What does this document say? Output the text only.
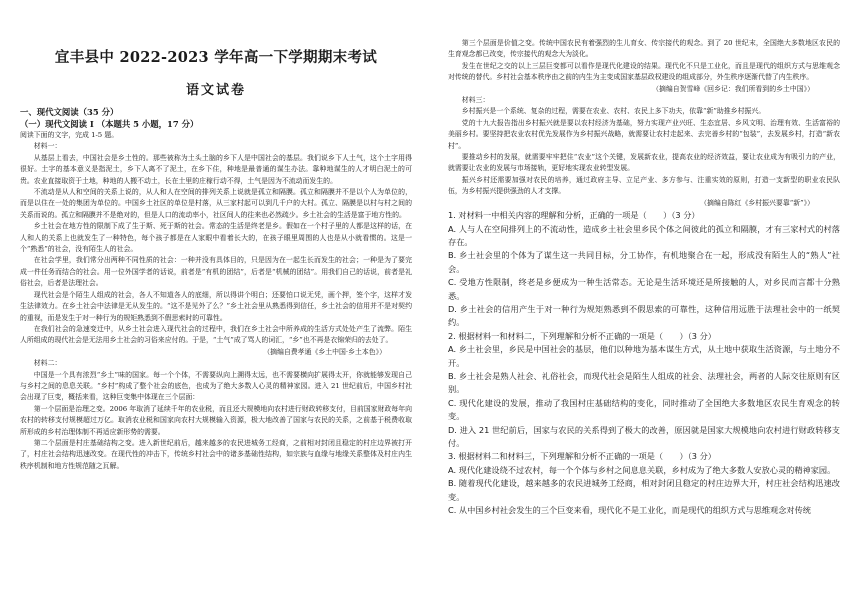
宜丰县中 2022-2023 学年高一下学期期末考试
语文试卷
一、现代文阅读（35 分）
（一）现代文阅读 I （本题共 5 小题，17 分）

阅读下面的文字，完成 1-5 题。

材料一：

从基层上看去，中国社会是乡土性的。那些被称为土头土脑的乡下人是中国社会的基层。我们说乡下人土气，这个土字用得很好。土字的基本意义是指泥土，乡下人离不了泥土，在乡下住，种地是最普通的谋生办法。靠种地谋生的人才明白泥土的可贵。农业直接取资于土地，种地的人搬不动土，长在土里的庄稼行动不得，土气是因为不流动而发生的。

不流动是从人和空间的关系上说的，从人和人在空间的排列关系上说就是孤立和隔膜。孤立和隔膜并不是以个人为单位的，而是以住在一处的集团为单位的。中国乡土社区的单位是村落，从三家村起可以到几千户的大村。孤立、隔膜是以村与村之间的关系而说的。孤立和隔膜并不是绝对的，但是人口的流动率小，社区间人的往来也必然疏少。乡土社会的生活是富于地方性的。

乡土社会在地方性的限制下成了生于斯、死于斯的社会。常态的生活是终老是乡。假如在一个村子里的人都是这样的话，在人和人的关系上也就发生了一种特色，每个孩子都是在人家眼中看着长大的，在孩子眼里周围的人也是从小就看惯的。这是一个“熟悉”的社会，没有陌生人的社会。

在社会学里，我们常分出两种不同性质的社会：一种并没有具体目的，只是因为在一起生长而发生的社会；一种是为了要完成一件任务而结合的社会。用一位外国学者的话说，前者是“有机的团结”，后者是“机械的团结”。用我们自己的话说，前者是礼俗社会，后者是法理社会。

现代社会是个陌生人组成的社会，各人不知道各人的底细，所以得讲个明白；还要怕口说无凭，画个押，签个字，这样才发生法律效力。在乡土社会中法律是无从发生的。“这不是见外了么？”乡土社会里从熟悉得到信任，乡土社会的信用并不是对契约的重视，而是发生于对一种行为的规矩熟悉到不假思索时的可靠性。

在我们社会的急速变迁中，从乡土社会进入现代社会的过程中，我们在乡土社会中所养成的生活方式处处产生了流弊。陌生人所组成的现代社会是无法用乡土社会的习俗来应付的。于是，“土气”成了骂人的词汇，“乡”也不再是衣锦荣归的去处了。

（摘编自费孝通《乡土中国·乡土本色》）

材料二：

中国是一个具有浓烈“乡土”味的国家。每一个个体，不需要纵向上溯得太远，也不需要横向扩展得太开，你就能够发现自己与乡村之间的息息关联。“乡村”构成了整个社会的底色，也成为了绝大多数人心灵的精神家园。进入 21 世纪前后，中国乡村社会出现了巨变，概括来看，这种巨变集中体现在三个层面：

第一个层面是治理之变。2006 年取消了延续千年的农业税，而且还大规模地向农村进行财政转移支付，目前国家财政每年向农村的转移支付规模超过万亿。取消农业税和国家向农村大规模输入资源，极大地改善了国家与农民的关系，之前基于税费收取所形成的乡村治理体制不再适应新形势的需要。

第二个层面是村庄基础结构之变。进入新世纪前后，越来越多的农民进城务工经商，之前相对封闭且稳定的村庄边界被打开了，村庄社会结构迅速改变。在现代性的冲击下，传统乡村社会中的诸多基础性结构，如宗族与血缘与地缘关系整体及村庄内生秩序机制和地方性规范随之瓦解。

第三个层面是价值之变。传统中国农民有着强烈的生儿育女、传宗接代的观念。到了 20 世纪末，全国绝大多数地区农民的生育观念都已改变，传宗接代的观念大为淡化。

发生在世纪之交的以上三层巨变都可以看作是现代化建设的结果。现代化不只是工业化，而且是现代的组织方式与思维观念对传统的替代。乡村社会基本秩序由之前的内生为主变成国家基层政权建设的组成部分，外生秩序逐渐代替了内生秩序。

（摘编自贺雪峰《回乡记：我们所看到的乡土中国》）

材料三：

乡村振兴是一个系统、复杂的过程，需要在农业、农村、农民上多下功夫，依靠“新”助推乡村振兴。

党的十九大报告指出乡村振兴就是要以农村经济为基础，努力实现产业兴旺、生态宜居、乡风文明、治理有效、生活富裕的美丽乡村。要坚持把农业农村优先发展作为乡村振兴战略，就需要让农村走起来、去完善乡村的“包装”，去发展乡村，打造“新农村”。

要推动乡村的发展，就需要牢牢把住“农业”这个关键，发展新农业，提高农业的经济效益，要让农业成为有吸引力的产业，就需要让农业的发展与市场接轨，更好地实现农业转型发展。

振兴乡村还需要加强对农民的培养，通过政府主导、立足产业、多方参与、注重实效的原则，打造一支新型的职业农民队伍，为乡村振兴提供强劲的人才支撑。

（摘编自陈红《乡村振兴要靠“新”》）

1. 对材料一中相关内容的理解和分析，正确的一项是（　　）（3 分）

A. 人与人在空间排列上的不流动性，造成乡土社会里乡民个体之间彼此的孤立和隔膜，才有三家村式的村落存在。

B. 乡土社会里的个体为了谋生这一共同目标，分工协作，有机地聚合在一起，形成没有陌生人的“熟人”社会。

C. 受地方性限制，终老是乡便成为一种生活常态。无论是生活环境还是所接触的人，对乡民而言都十分熟悉。

D. 乡土社会的信用产生于对一种行为规矩熟悉到不假思索的可靠性，这种信用远胜于法理社会中的一纸契约。

2. 根据材料一和材料二，下列理解和分析不正确的一项是（　　）（3 分）

A. 乡土社会里，乡民是中国社会的基层，他们以种地为基本谋生方式，从土地中获取生活资源，与土地分不开。

B. 乡土社会是熟人社会、礼俗社会，而现代社会是陌生人组成的社会、法理社会，两者的人际交往原则有区别。

C. 现代化建设的发展，推动了我国村庄基础结构的变化，同时推动了全国绝大多数地区农民生育观念的转变。

D. 进入 21 世纪前后，国家与农民的关系得到了极大的改善，原因就是国家大规模地向农村进行财政转移支付。

3. 根据材料二和材料三，下列理解和分析不正确的一项是（　　）（3 分）

A. 现代化建设绕不过农村，每一个个体与乡村之间息息关联，乡村成为了绝大多数人安放心灵的精神家园。

B. 随着现代化建设，越来越多的农民进城务工经商，相对封闭且稳定的村庄边界大开，村庄社会结构迅速改变。

C. 从中国乡村社会发生的三个巨变来看，现代化不是工业化，而是现代的组织方式与思维观念对传统
